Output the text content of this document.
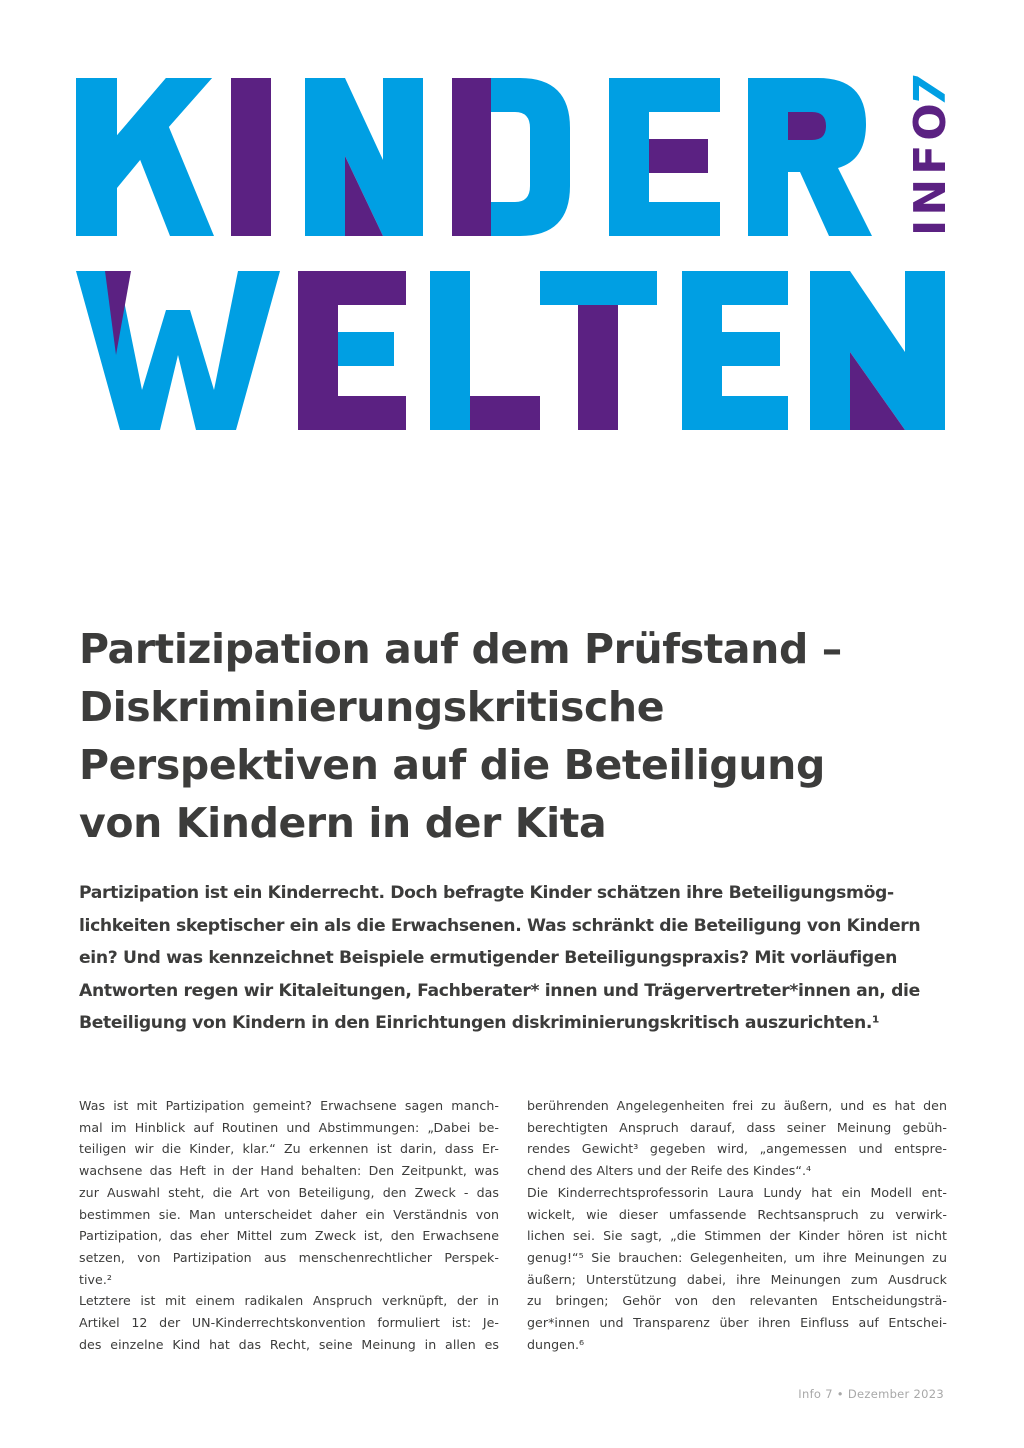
INFO
7
Partizipation auf dem Prüfstand –
Diskriminierungskritische
Perspektiven auf die Beteiligung
von Kindern in der Kita

Partizipation ist ein Kinderrecht. Doch befragte Kinder schätzen ihre Beteiligungsmög-
lichkeiten skeptischer ein als die Erwachsenen. Was schränkt die Beteiligung von Kindern
ein? Und was kennzeichnet Beispiele ermutigender Beteiligungspraxis? Mit vorläufigen
Antworten regen wir Kitaleitungen, Fachberater* innen und Trägervertreter*innen an, die
Beteiligung von Kindern in den Einrichtungen diskriminierungskritisch auszurichten.¹

Was ist mit Partizipation gemeint? Erwachsene sagen manch-
mal im Hinblick auf Routinen und Abstimmungen: „Dabei be-
teiligen wir die Kinder, klar.“ Zu erkennen ist darin, dass Er-
wachsene das Heft in der Hand behalten: Den Zeitpunkt, was
zur Auswahl steht, die Art von Beteiligung, den Zweck - das
bestimmen sie. Man unterscheidet daher ein Verständnis von
Partizipation, das eher Mittel zum Zweck ist, den Erwachsene
setzen, von Partizipation aus menschenrechtlicher Perspek-
tive.²
Letztere ist mit einem radikalen Anspruch verknüpft, der in
Artikel 12 der UN-Kinderrechtskonvention formuliert ist: Je-
des einzelne Kind hat das Recht, seine Meinung in allen es
berührenden Angelegenheiten frei zu äußern, und es hat den
berechtigten Anspruch darauf, dass seiner Meinung gebüh-
rendes Gewicht³ gegeben wird, „angemessen und entspre-
chend des Alters und der Reife des Kindes“.⁴
Die Kinderrechtsprofessorin Laura Lundy hat ein Modell ent-
wickelt, wie dieser umfassende Rechtsanspruch zu verwirk-
lichen sei. Sie sagt, „die Stimmen der Kinder hören ist nicht
genug!“⁵ Sie brauchen: Gelegenheiten, um ihre Meinungen zu
äußern; Unterstützung dabei, ihre Meinungen zum Ausdruck
zu bringen; Gehör von den relevanten Entscheidungsträ-
ger*innen und Transparenz über ihren Einfluss auf Entschei-
dungen.⁶
Info 7 • Dezember 2023
